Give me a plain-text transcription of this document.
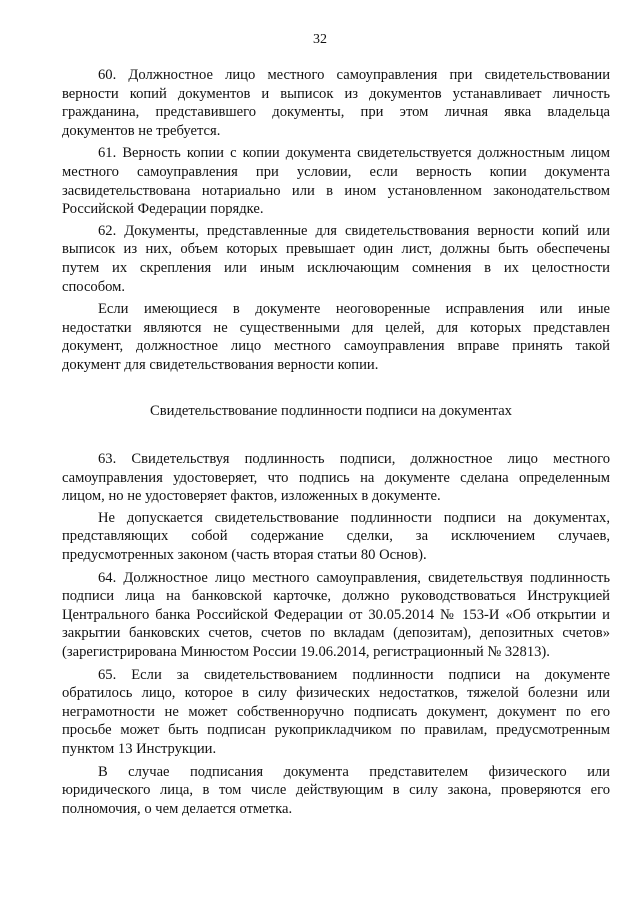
32

60. Должностное лицо местного самоуправления при свидетельствовании
верности копий документов и выписок из документов устанавливает личность
гражданина, представившего документы, при этом личная явка владельца
документов не требуется.

61. Верность копии с копии документа свидетельствуется должностным лицом
местного самоуправления при условии, если верность копии документа
засвидетельствована нотариально или в ином установленном законодательством
Российской Федерации порядке.

62. Документы, представленные для свидетельствования верности копий или
выписок из них, объем которых превышает один лист, должны быть обеспечены
путем их скрепления или иным исключающим сомнения в их целостности
способом.

Если имеющиеся в документе неоговоренные исправления или иные
недостатки являются не существенными для целей, для которых представлен
документ, должностное лицо местного самоуправления вправе принять такой
документ для свидетельствования верности копии.

Свидетельствование подлинности подписи на документах

63. Свидетельствуя подлинность подписи, должностное лицо местного
самоуправления удостоверяет, что подпись на документе сделана определенным
лицом, но не удостоверяет фактов, изложенных в документе.

Не допускается свидетельствование подлинности подписи на документах,
представляющих собой содержание сделки, за исключением случаев,
предусмотренных законом (часть вторая статьи 80 Основ).

64. Должностное лицо местного самоуправления, свидетельствуя подлинность
подписи лица на банковской карточке, должно руководствоваться Инструкцией
Центрального банка Российской Федерации от 30.05.2014 № 153-И «Об открытии и
закрытии банковских счетов, счетов по вкладам (депозитам), депозитных счетов»
(зарегистрирована Минюстом России 19.06.2014, регистрационный № 32813).

65. Если за свидетельствованием подлинности подписи на документе
обратилось лицо, которое в силу физических недостатков, тяжелой болезни или
неграмотности не может собственноручно подписать документ, документ по его
просьбе может быть подписан рукоприкладчиком по правилам, предусмотренным
пунктом 13 Инструкции.

В случае подписания документа представителем физического или
юридического лица, в том числе действующим в силу закона, проверяются его
полномочия, о чем делается отметка.
